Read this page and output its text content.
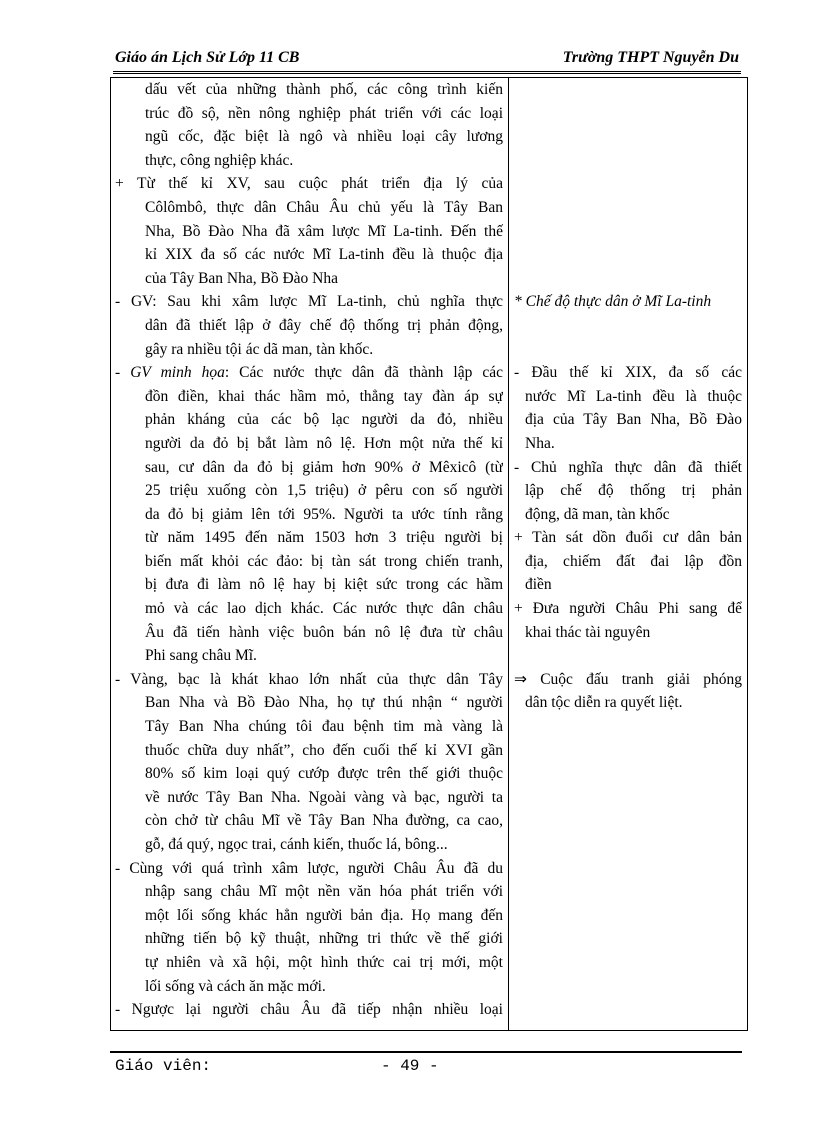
Giáo án Lịch Sử Lớp 11 CB	Trường THPT Nguyễn Du
dấu vết của những thành phố, các công trình kiến
trúc đồ sộ, nền nông nghiệp phát triển với các loại
ngũ cốc, đặc biệt là ngô và nhiều loại cây lương
thực, công nghiệp khác.
+ Từ thế kỉ XV, sau cuộc phát triển địa lý của
Côlômbô, thực dân Châu Âu chủ yếu là Tây Ban
Nha, Bồ Đào Nha đã xâm lược Mĩ La-tinh. Đến thế
kỉ XIX đa số các nước Mĩ La-tinh đều là thuộc địa
của Tây Ban Nha, Bồ Đào Nha
- GV: Sau khi xâm lược Mĩ La-tinh, chủ nghĩa thực
dân đã thiết lập ở đây chế độ thống trị phản động,
gây ra nhiều tội ác dã man, tàn khốc.
- GV minh họa: Các nước thực dân đã thành lập các
đồn điền, khai thác hầm mỏ, thẳng tay đàn áp sự
phản kháng của các bộ lạc người da đỏ, nhiều
người da đỏ bị bắt làm nô lệ. Hơn một nửa thế kỉ
sau, cư dân da đỏ bị giảm hơn 90% ở Mêxicô (từ
25 triệu xuống còn 1,5 triệu) ở pêru con số người
da đỏ bị giảm lên tới 95%. Người ta ước tính rằng
từ năm 1495 đến năm 1503 hơn 3 triệu người bị
biến mất khỏi các đảo: bị tàn sát trong chiến tranh,
bị đưa đi làm nô lệ hay bị kiệt sức trong các hầm
mỏ và các lao dịch khác. Các nước thực dân châu
Âu đã tiến hành việc buôn bán nô lệ đưa từ châu
Phi sang châu Mĩ.
- Vàng, bạc là khát khao lớn nhất của thực dân Tây
Ban Nha và Bồ Đào Nha, họ tự thú nhận “ người
Tây Ban Nha chúng tôi đau bệnh tim mà vàng là
thuốc chữa duy nhất”, cho đến cuối thế kỉ XVI gần
80% số kim loại quý cướp được trên thế giới thuộc
về nước Tây Ban Nha. Ngoài vàng và bạc, người ta
còn chở từ châu Mĩ về Tây Ban Nha đường, ca cao,
gỗ, đá quý, ngọc trai, cánh kiến, thuốc lá, bông...
- Cùng với quá trình xâm lược, người Châu Âu đã du
nhập sang châu Mĩ một nền văn hóa phát triển với
một lối sống khác hẳn người bản địa. Họ mang đến
những tiến bộ kỹ thuật, những tri thức về thế giới
tự nhiên và xã hội, một hình thức cai trị mới, một
lối sống và cách ăn mặc mới.
- Ngược lại người châu Âu đã tiếp nhận nhiều loại
* Chế độ thực dân ở Mĩ La-tinh
- Đầu thế kỉ XIX, đa số các
nước Mĩ La-tinh đều là thuộc
địa của Tây Ban Nha, Bồ Đào
Nha.
- Chủ nghĩa thực dân đã thiết
lập chế độ thống trị phản
động, dã man, tàn khốc
+ Tàn sát dồn đuổi cư dân bản
địa, chiếm đất đai lập đồn
điền
+ Đưa người Châu Phi sang để
khai thác tài nguyên
⇒ Cuộc đấu tranh giải phóng
dân tộc diễn ra quyết liệt.
Giáo viên:	- 49 -
